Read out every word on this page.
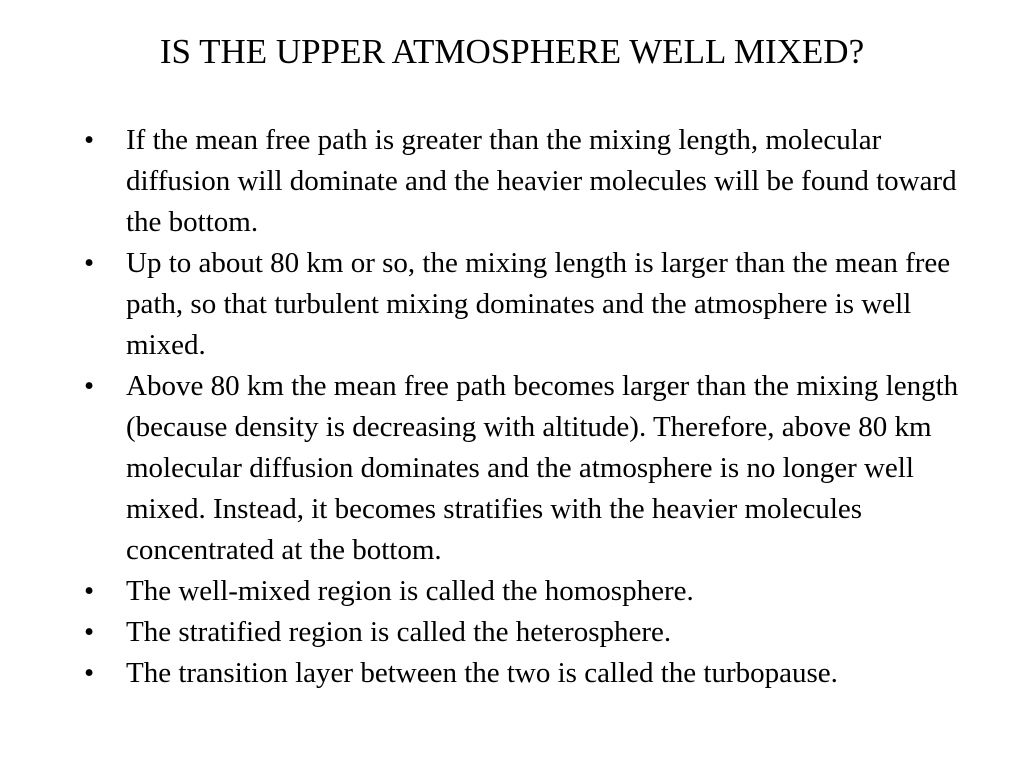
IS THE UPPER ATMOSPHERE WELL MIXED?
•	If the mean free path is greater than the mixing length, molecular diffusion will dominate and the heavier molecules will be found toward the bottom.
•	Up to about 80 km or so, the mixing length is larger than the mean free path, so that turbulent mixing dominates and the atmosphere is well mixed.
•	Above 80 km the mean free path becomes larger than the mixing length (because density is decreasing with altitude). Therefore, above 80 km molecular diffusion dominates and the atmosphere is no longer well mixed. Instead, it becomes stratifies with the heavier molecules concentrated at the bottom.
•	The well-mixed region is called the homosphere.
•	The stratified region is called the heterosphere.
•	The transition layer between the two is called the turbopause.
